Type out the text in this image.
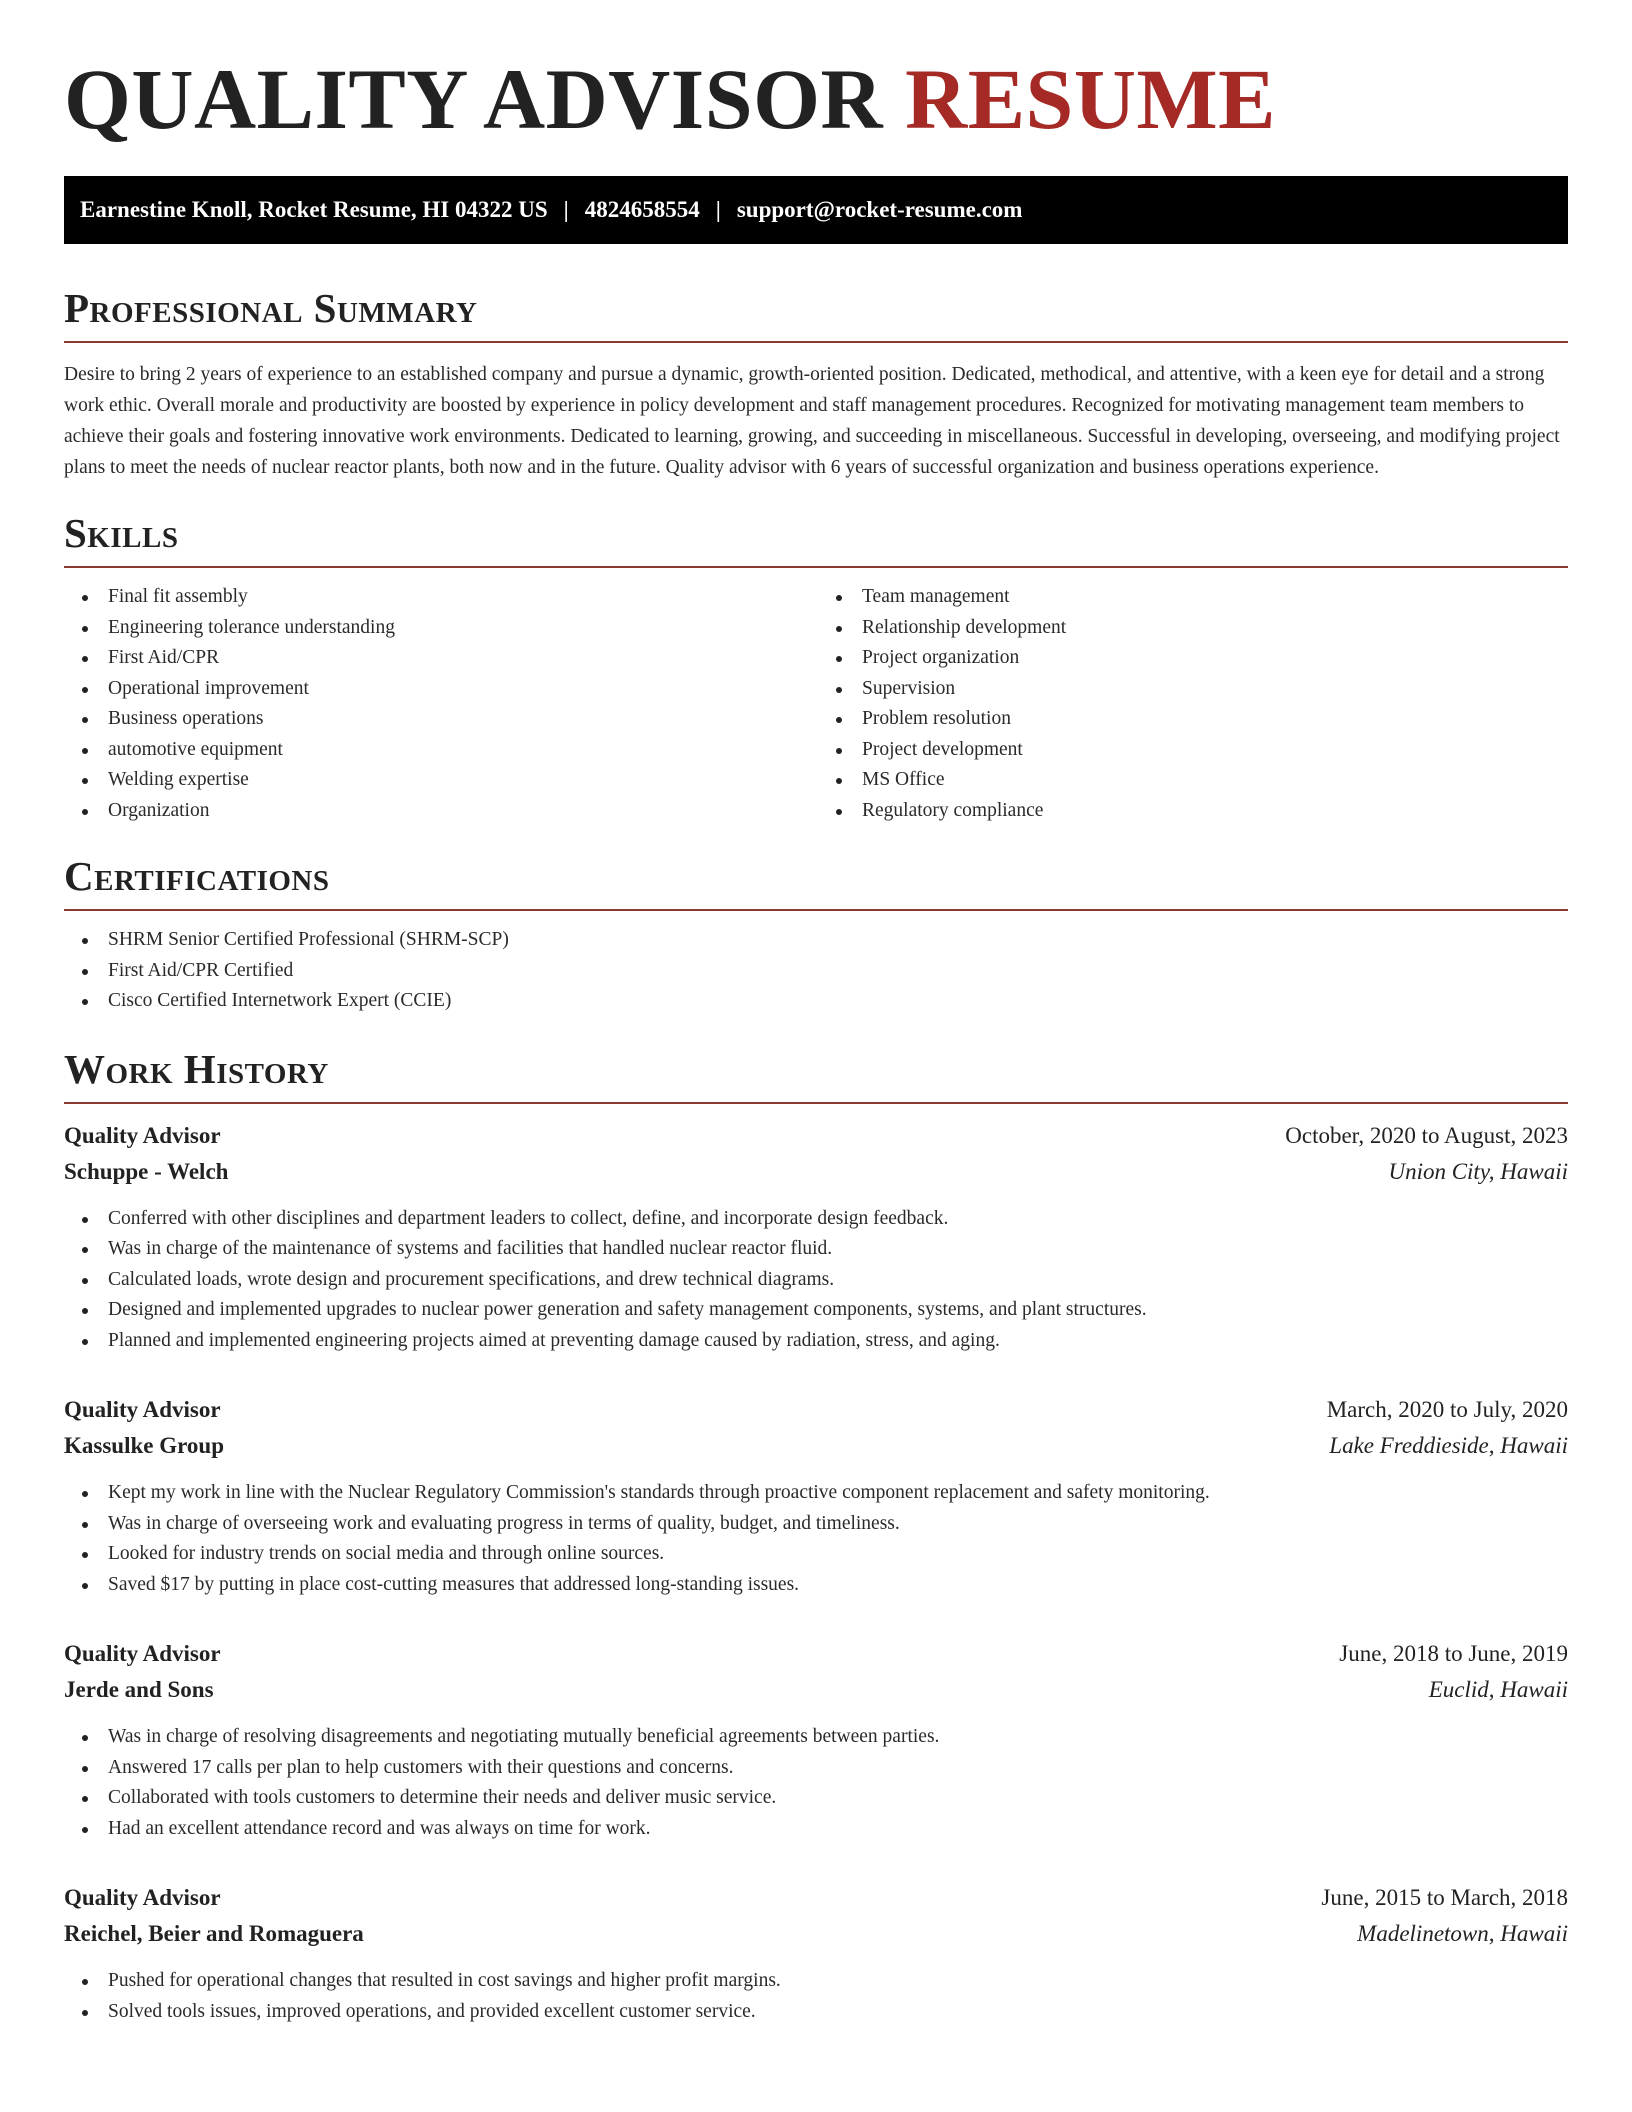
QUALITY ADVISOR RESUME
Earnestine Knoll, Rocket Resume, HI 04322 US | 4824658554 | support@rocket-resume.com
Professional Summary

Desire to bring 2 years of experience to an established company and pursue a dynamic, growth-oriented position. Dedicated, methodical, and attentive, with a keen eye for detail and a strong work ethic. Overall morale and productivity are boosted by experience in policy development and staff management procedures. Recognized for motivating management team members to achieve their goals and fostering innovative work environments. Dedicated to learning, growing, and succeeding in miscellaneous. Successful in developing, overseeing, and modifying project plans to meet the needs of nuclear reactor plants, both now and in the future. Quality advisor with 6 years of successful organization and business operations experience.

Skills
Final fit assembly
Engineering tolerance understanding
First Aid/CPR
Operational improvement
Business operations
automotive equipment
Welding expertise
Organization
Team management
Relationship development
Project organization
Supervision
Problem resolution
Project development
MS Office
Regulatory compliance
Certifications
SHRM Senior Certified Professional (SHRM-SCP)
First Aid/CPR Certified
Cisco Certified Internetwork Expert (CCIE)
Work History
Quality Advisor	October, 2020 to August, 2023
Schuppe - Welch	Union City, Hawaii
Conferred with other disciplines and department leaders to collect, define, and incorporate design feedback.
Was in charge of the maintenance of systems and facilities that handled nuclear reactor fluid.
Calculated loads, wrote design and procurement specifications, and drew technical diagrams.
Designed and implemented upgrades to nuclear power generation and safety management components, systems, and plant structures.
Planned and implemented engineering projects aimed at preventing damage caused by radiation, stress, and aging.
Quality Advisor	March, 2020 to July, 2020
Kassulke Group	Lake Freddieside, Hawaii
Kept my work in line with the Nuclear Regulatory Commission's standards through proactive component replacement and safety monitoring.
Was in charge of overseeing work and evaluating progress in terms of quality, budget, and timeliness.
Looked for industry trends on social media and through online sources.
Saved $17 by putting in place cost-cutting measures that addressed long-standing issues.
Quality Advisor	June, 2018 to June, 2019
Jerde and Sons	Euclid, Hawaii
Was in charge of resolving disagreements and negotiating mutually beneficial agreements between parties.
Answered 17 calls per plan to help customers with their questions and concerns.
Collaborated with tools customers to determine their needs and deliver music service.
Had an excellent attendance record and was always on time for work.
Quality Advisor	June, 2015 to March, 2018
Reichel, Beier and Romaguera	Madelinetown, Hawaii
Pushed for operational changes that resulted in cost savings and higher profit margins.
Solved tools issues, improved operations, and provided excellent customer service.
